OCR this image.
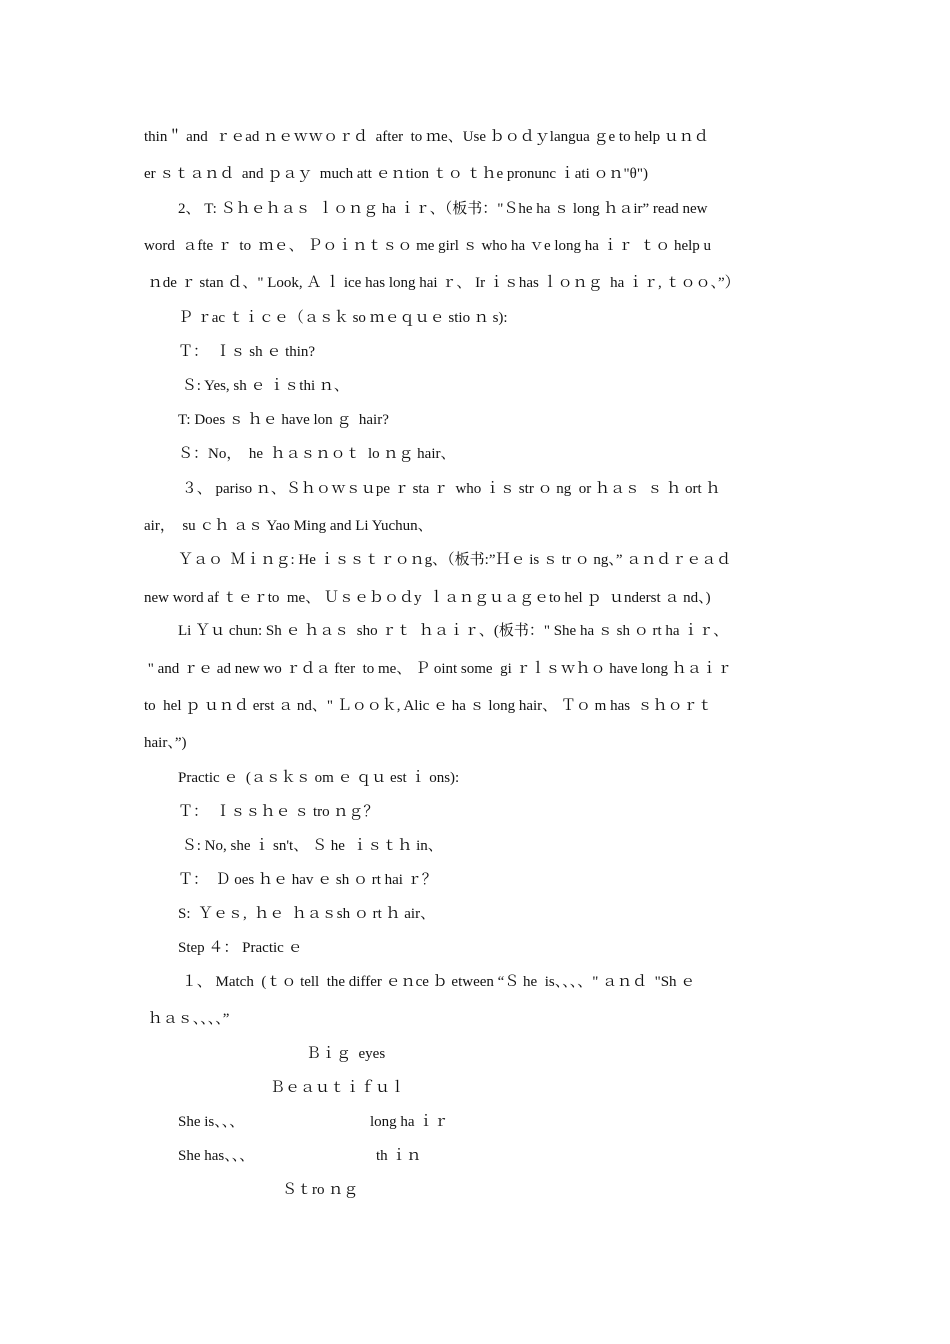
thin＂ and  ｒｅad ｎｅｗｗｏｒｄ  after  to ｍe、Use ｂｏｄｙlangua ｇe to help ｕｎｄ
er ｓｔａｎｄ  and ｐａｙ  much att ｅｎtion ｔｏ ｔｈe pronunc ｉati ｏｎ"θ")
2、 T: Ｓｈｅｈａｓ  ｌｏｎｇ ha ｉｒ、（板书："Ｓhe ha ｓ long ｈａir” read new
word  ａfte ｒ  to  ｍｅ、 Ｐｏｉｎｔｓｏ me girl ｓ who ha ｖe long ha ｉｒ  ｔｏ help u
ｎde ｒ stan ｄ、" Look, Ａ ｌ ice has long hai ｒ、 Ir ｉｓhas ｌｏｎｇ  ha ｉｒ, ｔｏｏ、”）
Ｐ ｒac ｔｉｃｅ（ａｓｋ so ｍｅｑｕｅ stio ｎ s):
Ｔ：  Ｉｓ sh ｅ thin?
Ｓ: Yes, sh ｅ ｉｓthi ｎ、
T: Does ｓ ｈｅ have lon ｇ  hair?
Ｓ：No，  he  ｈａｓｎｏｔ  lo ｎｇ hair、
３、 pariso ｎ、Ｓｈｏｗｓｕpe ｒ sta ｒ  who ｉｓ str ｏ ng  or ｈａｓ  ｓ ｈ ort ｈ
air，  su ｃｈ ａｓ Yao Ming and Li Yuchun、
Ｙａｏ  Ｍｉｎｇ: He ｉｓｓｔｒｏｎg、（板书:”Ｈｅ is ｓ tr ｏ ng、” ａｎｄｒｅａｄ
new word af ｔｅｒto  me、 Ｕｓｅｂｏｄy  ｌａｎｇｕａｇｅto hel ｐ  ｕnderst ａ nd、)
Li Ｙｕ chun: Sh ｅ ｈａｓ  sho ｒｔ  ｈａｉｒ、(板书：" She ha ｓ sh ｏ rt ha ｉｒ、
" and ｒｅ ad new wo ｒｄａ fter  to me、 Ｐ oint some  gi ｒｌｓｗｈｏ have long ｈａｉｒ
to  hel ｐ ｕｎｄ erst ａ nd、" Ｌｏｏｋ, Alic ｅ ha ｓ long hair、 Ｔｏ m has  ｓｈｏｒｔ
hair、”)
Practic ｅ  (ａｓｋｓ om ｅ ｑｕ est ｉ ons):
Ｔ：  Ｉｓｓｈｅ ｓ tro ｎｇ？
Ｓ: No, she ｉ sn't、 Ｓ he  ｉｓｔｈ in、
Ｔ：  Ｄ oes ｈｅ hav ｅ sh ｏ rt hai ｒ？
S:  Ｙｅｓ,  ｈｅ  ｈａｓsh ｏ rt ｈ air、
Step ４： Practic ｅ
１、 Match  (ｔｏ tell  the differ ｅｎce ｂ etween “Ｓ he  is、、、、" ａｎｄ  "Sh ｅ
ｈａｓ、、、、”
Ｂｉｇ  eyes
Ｂｅａｕｔｉｆｕｌ
She is、、、	long ha ｉｒ
She has、、、	th ｉｎ
Ｓｔro ｎｇ
